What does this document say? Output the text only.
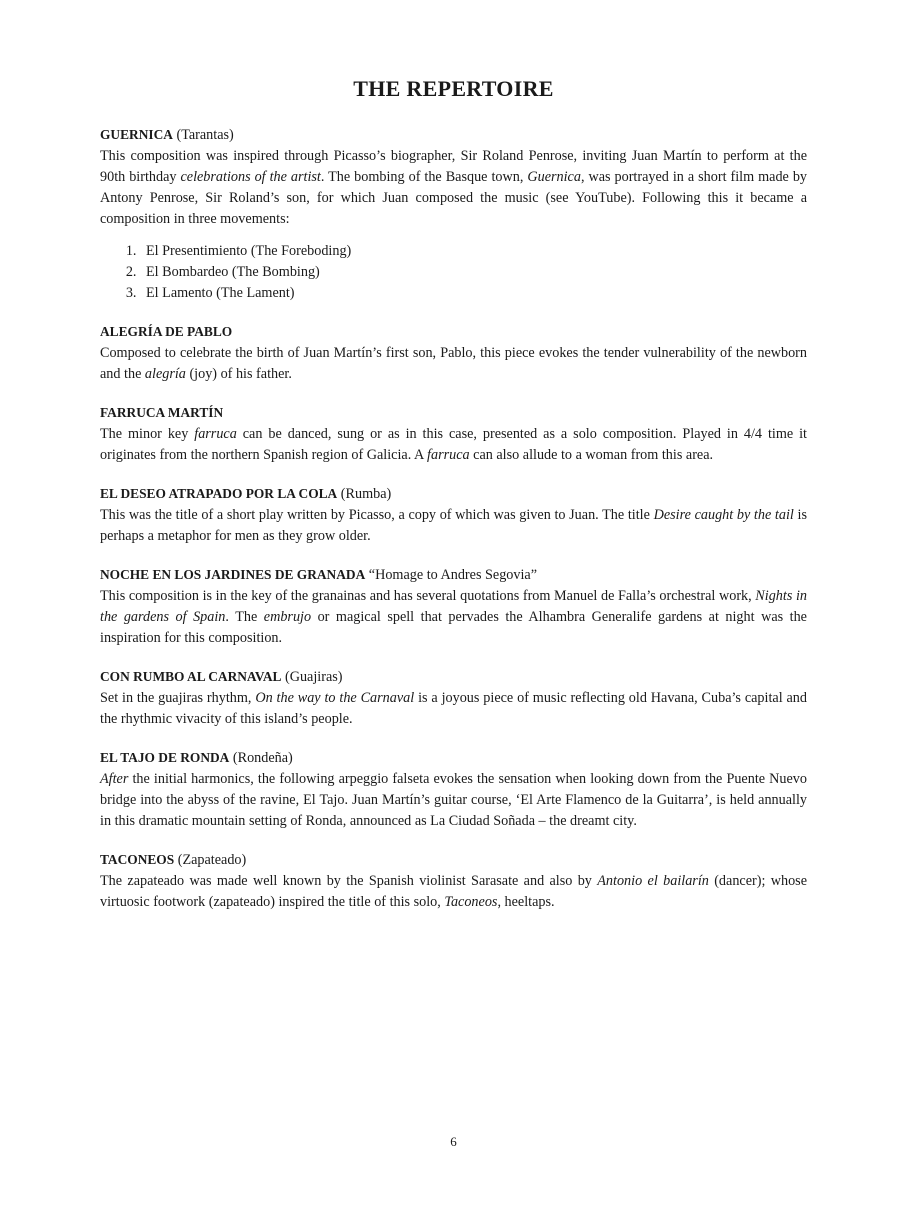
THE REPERTOIRE

GUERNICA (Tarantas)

This composition was inspired through Picasso’s biographer, Sir Roland Penrose, inviting Juan Martín to perform at the 90th birthday celebrations of the artist. The bombing of the Basque town, Guernica, was portrayed in a short film made by Antony Penrose, Sir Roland’s son, for which Juan composed the music (see YouTube). Following this it became a composition in three movements:

1. El Presentimiento (The Foreboding)
2. El Bombardeo (The Bombing)
3. El Lamento (The Lament)

ALEGRÍA DE PABLO

Composed to celebrate the birth of Juan Martín’s first son, Pablo, this piece evokes the tender vulnerability of the newborn and the alegría (joy) of his father.

FARRUCA MARTÍN

The minor key farruca can be danced, sung or as in this case, presented as a solo composition. Played in 4/4 time it originates from the northern Spanish region of Galicia. A farruca can also allude to a woman from this area.

EL DESEO ATRAPADO POR LA COLA (Rumba)

This was the title of a short play written by Picasso, a copy of which was given to Juan. The title Desire caught by the tail is perhaps a metaphor for men as they grow older.

NOCHE EN LOS JARDINES DE GRANADA “Homage to Andres Segovia”

This composition is in the key of the granainas and has several quotations from Manuel de Falla’s orchestral work, Nights in the gardens of Spain. The embrujo or magical spell that pervades the Alhambra Generalife gardens at night was the inspiration for this composition.

CON RUMBO AL CARNAVAL (Guajiras)

Set in the guajiras rhythm, On the way to the Carnaval is a joyous piece of music reflecting old Havana, Cuba’s capital and the rhythmic vivacity of this island’s people.

EL TAJO DE RONDA (Rondeña)

After the initial harmonics, the following arpeggio falseta evokes the sensation when looking down from the Puente Nuevo bridge into the abyss of the ravine, El Tajo. Juan Martín’s guitar course, ‘El Arte Flamenco de la Guitarra’, is held annually in this dramatic mountain setting of Ronda, announced as La Ciudad Soñada – the dreamt city.

TACONEOS (Zapateado)

The zapateado was made well known by the Spanish violinist Sarasate and also by Antonio el bailarín (dancer); whose virtuosic footwork (zapateado) inspired the title of this solo, Taconeos, heeltaps.

6
